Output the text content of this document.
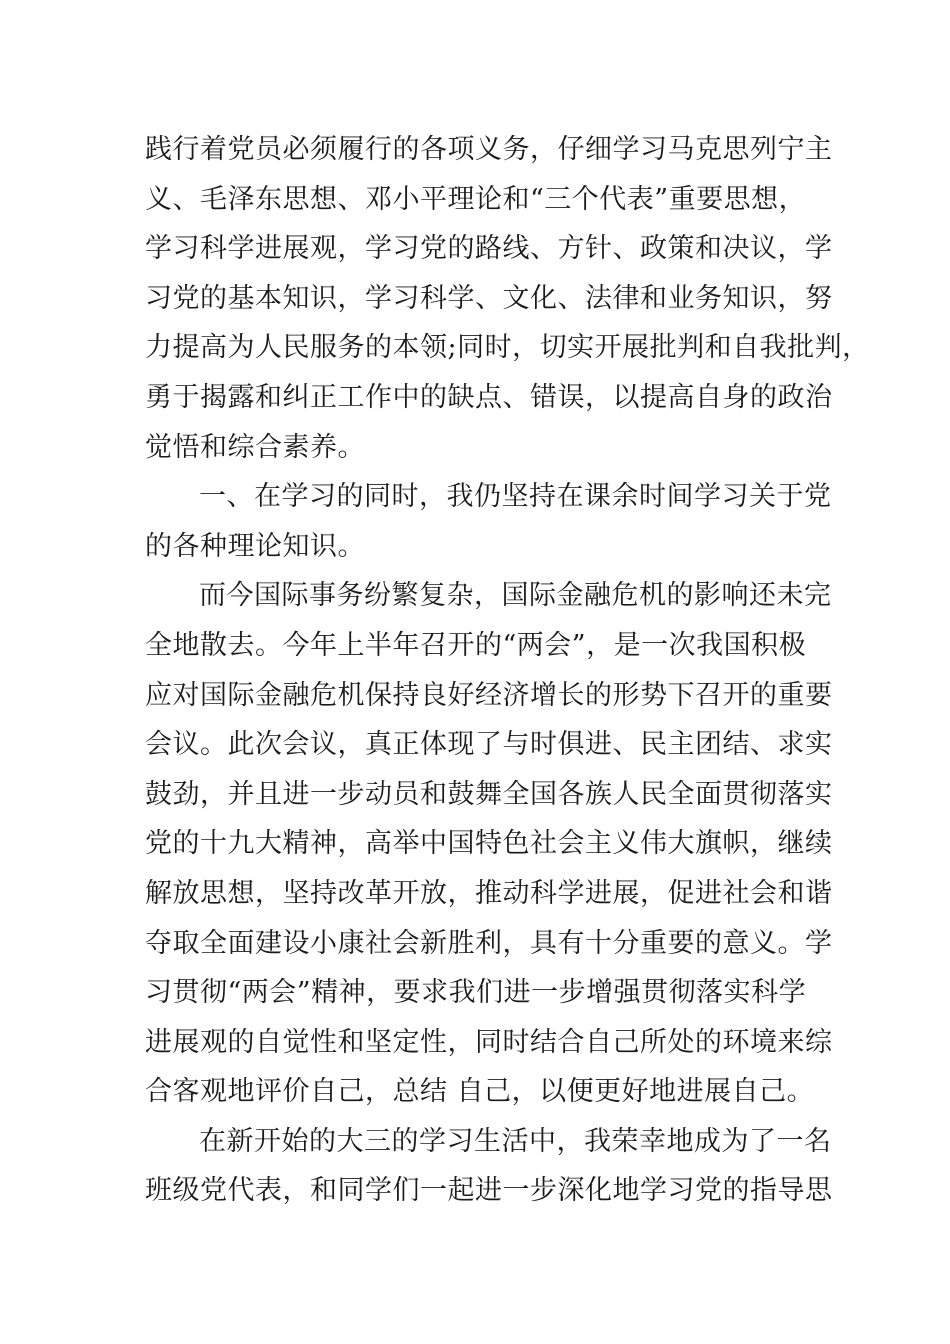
践行着党员必须履行的各项义务，仔细学习马克思列宁主
义、毛泽东思想、邓小平理论和“三个代表”重要思想，
学习科学进展观，学习党的路线、方针、政策和决议，学
习党的基本知识，学习科学、文化、法律和业务知识，努
力提高为人民服务的本领;同时，切实开展批判和自我批判，
勇于揭露和纠正工作中的缺点、错误，以提高自身的政治
觉悟和综合素养。
一、在学习的同时，我仍坚持在课余时间学习关于党
的各种理论知识。
而今国际事务纷繁复杂，国际金融危机的影响还未完
全地散去。今年上半年召开的“两会”，是一次我国积极
应对国际金融危机保持良好经济增长的形势下召开的重要
会议。此次会议，真正体现了与时俱进、民主团结、求实
鼓劲，并且进一步动员和鼓舞全国各族人民全面贯彻落实
党的十九大精神，高举中国特色社会主义伟大旗帜，继续
解放思想，坚持改革开放，推动科学进展，促进社会和谐
夺取全面建设小康社会新胜利，具有十分重要的意义。学
习贯彻“两会”精神，要求我们进一步增强贯彻落实科学
进展观的自觉性和坚定性，同时结合自己所处的环境来综
合客观地评价自己，总结 自己，以便更好地进展自己。
在新开始的大三的学习生活中，我荣幸地成为了一名
班级党代表，和同学们一起进一步深化地学习党的指导思
